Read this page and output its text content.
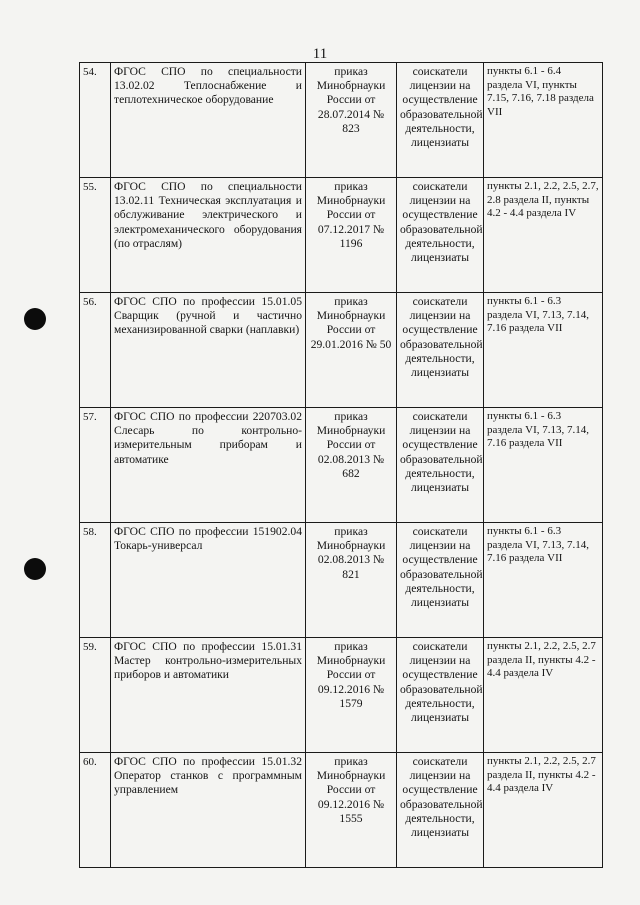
11
54.	ФГОС СПО по специальности 13.02.02 Теплоснабжение и теплотехническое оборудование	приказ Минобрнауки России от 28.07.2014 № 823	соискатели лицензии на осуществление образовательной деятельности, лицензиаты	пункты 6.1 - 6.4 раздела VI, пункты 7.15, 7.16, 7.18 раздела VII
55.	ФГОС СПО по специальности 13.02.11 Техническая эксплуатация и обслуживание электрического и электромеханического оборудования (по отраслям)	приказ Минобрнауки России от 07.12.2017 № 1196	соискатели лицензии на осуществление образовательной деятельности, лицензиаты	пункты 2.1, 2.2, 2.5, 2.7, 2.8 раздела II, пункты 4.2 - 4.4 раздела IV
56.	ФГОС СПО по профессии 15.01.05 Сварщик (ручной и частично механизированной сварки (наплавки)	приказ Минобрнауки России от 29.01.2016 № 50	соискатели лицензии на осуществление образовательной деятельности, лицензиаты	пункты 6.1 - 6.3 раздела VI, 7.13, 7.14, 7.16 раздела VII
57.	ФГОС СПО по профессии 220703.02 Слесарь по контрольно-измерительным приборам и автоматике	приказ Минобрнауки России от 02.08.2013 № 682	соискатели лицензии на осуществление образовательной деятельности, лицензиаты	пункты 6.1 - 6.3 раздела VI, 7.13, 7.14, 7.16 раздела VII
58.	ФГОС СПО по профессии 151902.04 Токарь-универсал	приказ Минобрнауки 02.08.2013 № 821	соискатели лицензии на осуществление образовательной деятельности, лицензиаты	пункты 6.1 - 6.3 раздела VI, 7.13, 7.14, 7.16 раздела VII
59.	ФГОС СПО по профессии 15.01.31 Мастер контрольно-измерительных приборов и автоматики	приказ Минобрнауки России от 09.12.2016 № 1579	соискатели лицензии на осуществление образовательной деятельности, лицензиаты	пункты 2.1, 2.2, 2.5, 2.7 раздела II, пункты 4.2 - 4.4 раздела IV
60.	ФГОС СПО по профессии 15.01.32 Оператор станков с программным управлением	приказ Минобрнауки России от 09.12.2016 № 1555	соискатели лицензии на осуществление образовательной деятельности, лицензиаты	пункты 2.1, 2.2, 2.5, 2.7 раздела II, пункты 4.2 - 4.4 раздела IV
